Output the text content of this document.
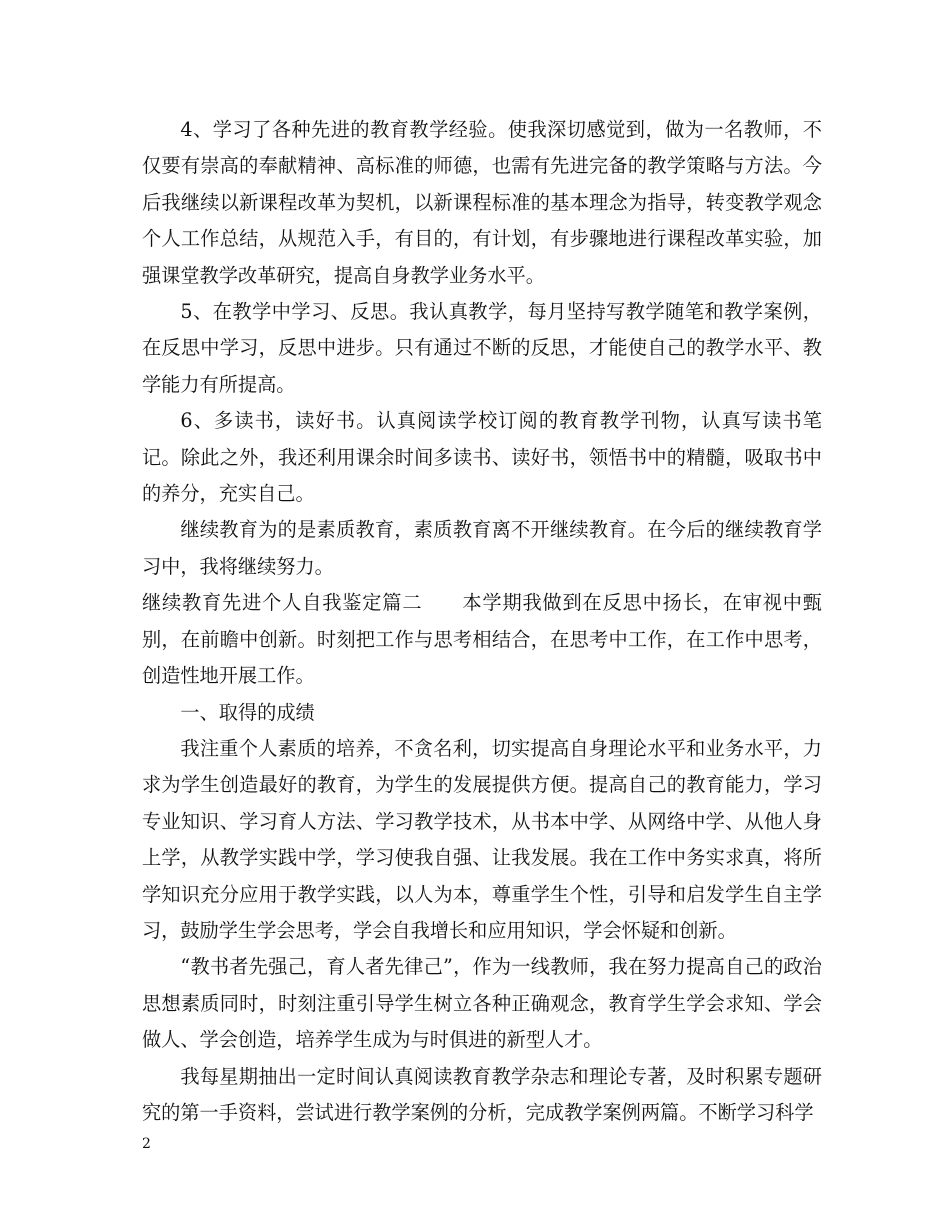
4、学习了各种先进的教育教学经验。使我深切感觉到，做为一名教师，不仅要有崇高的奉献精神、高标准的师德，也需有先进完备的教学策略与方法。今后我继续以新课程改革为契机，以新课程标准的基本理念为指导，转变教学观念个人工作总结，从规范入手，有目的，有计划，有步骤地进行课程改革实验，加强课堂教学改革研究，提高自身教学业务水平。

5、在教学中学习、反思。我认真教学，每月坚持写教学随笔和教学案例，在反思中学习，反思中进步。只有通过不断的反思，才能使自己的教学水平、教学能力有所提高。

6、多读书，读好书。认真阅读学校订阅的教育教学刊物，认真写读书笔记。除此之外，我还利用课余时间多读书、读好书，领悟书中的精髓，吸取书中的养分，充实自己。

继续教育为的是素质教育，素质教育离不开继续教育。在今后的继续教育学习中，我将继续努力。

继续教育先进个人自我鉴定篇二　　本学期我做到在反思中扬长，在审视中甄别，在前瞻中创新。时刻把工作与思考相结合，在思考中工作，在工作中思考，创造性地开展工作。

一、取得的成绩

我注重个人素质的培养，不贪名利，切实提高自身理论水平和业务水平，力求为学生创造最好的教育，为学生的发展提供方便。提高自己的教育能力，学习专业知识、学习育人方法、学习教学技术，从书本中学、从网络中学、从他人身上学，从教学实践中学，学习使我自强、让我发展。我在工作中务实求真，将所学知识充分应用于教学实践，以人为本，尊重学生个性，引导和启发学生自主学习，鼓励学生学会思考，学会自我增长和应用知识，学会怀疑和创新。

“教书者先强己，育人者先律己”，作为一线教师，我在努力提高自己的政治思想素质同时，时刻注重引导学生树立各种正确观念，教育学生学会求知、学会做人、学会创造，培养学生成为与时俱进的新型人才。

我每星期抽出一定时间认真阅读教育教学杂志和理论专著，及时积累专题研究的第一手资料，尝试进行教学案例的分析，完成教学案例两篇。不断学习科学

2
